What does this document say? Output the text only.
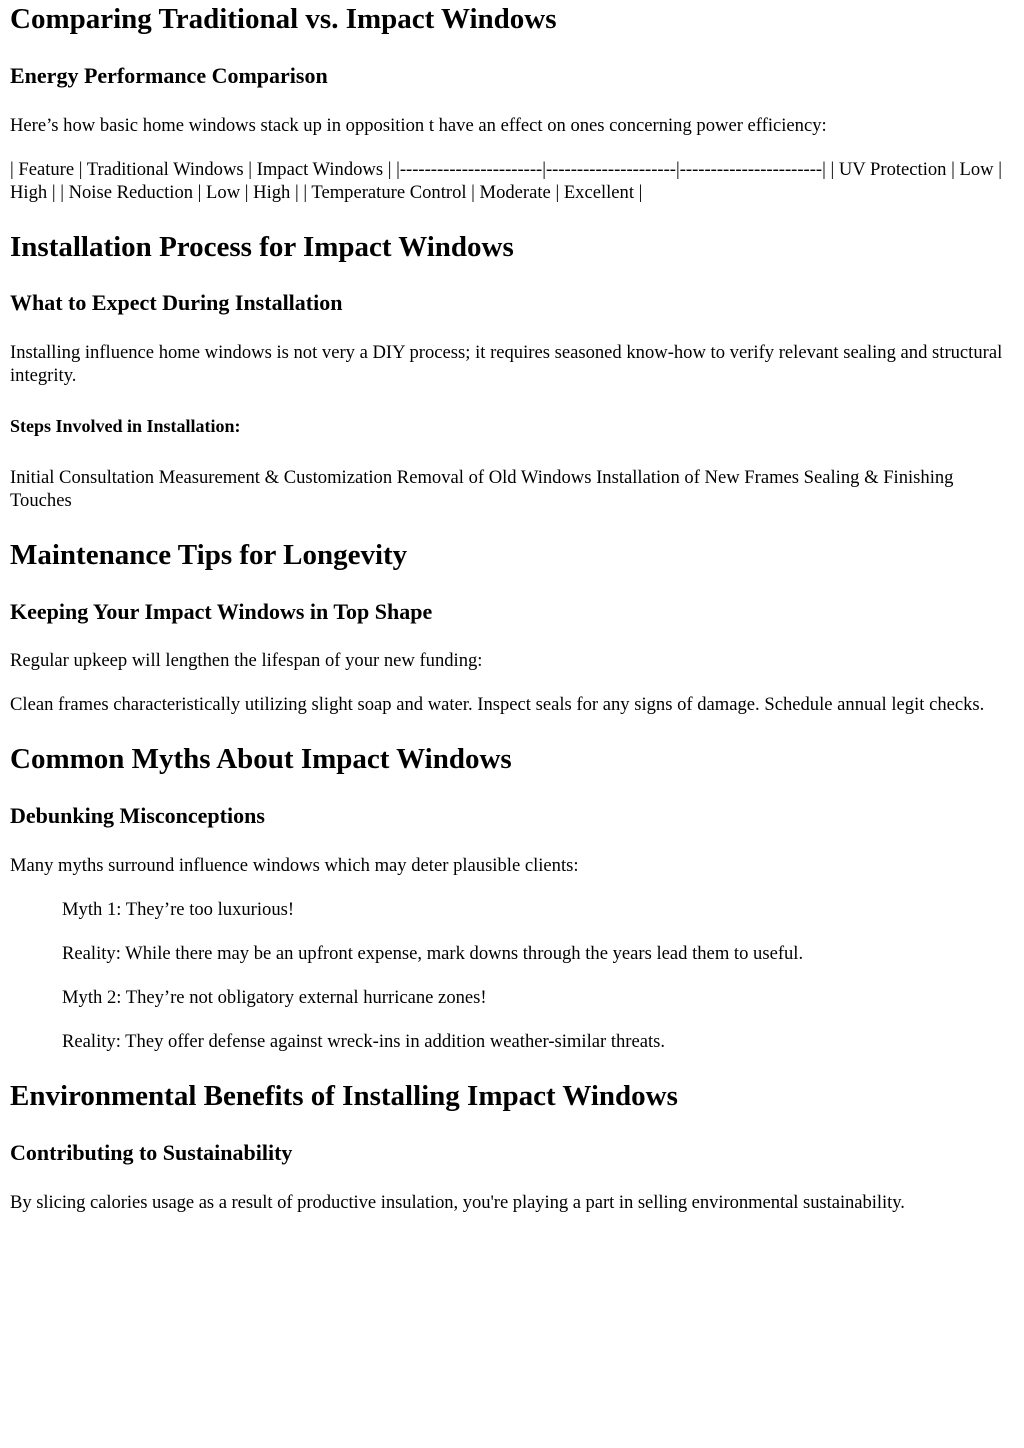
Comparing Traditional vs. Impact Windows
Energy Performance Comparison

Here’s how basic home windows stack up in opposition t have an effect on ones concerning power efficiency:

| Feature | Traditional Windows | Impact Windows | |-----------------------|---------------------|-----------------------| | UV Protection | Low | High | | Noise Reduction | Low | High | | Temperature Control | Moderate | Excellent |

Installation Process for Impact Windows
What to Expect During Installation

Installing influence home windows is not very a DIY process; it requires seasoned know-how to verify relevant sealing and structural integrity.

Steps Involved in Installation:

Initial Consultation Measurement & Customization Removal of Old Windows Installation of New Frames Sealing & Finishing Touches

Maintenance Tips for Longevity
Keeping Your Impact Windows in Top Shape

Regular upkeep will lengthen the lifespan of your new funding:

Clean frames characteristically utilizing slight soap and water. Inspect seals for any signs of damage. Schedule annual legit checks.

Common Myths About Impact Windows
Debunking Misconceptions

Many myths surround influence windows which may deter plausible clients:

Myth 1: They’re too luxurious!

Reality: While there may be an upfront expense, mark downs through the years lead them to useful.

Myth 2: They’re not obligatory external hurricane zones!

Reality: They offer defense against wreck-ins in addition weather-similar threats.

Environmental Benefits of Installing Impact Windows
Contributing to Sustainability

By slicing calories usage as a result of productive insulation, you're playing a part in selling environmental sustainability.
